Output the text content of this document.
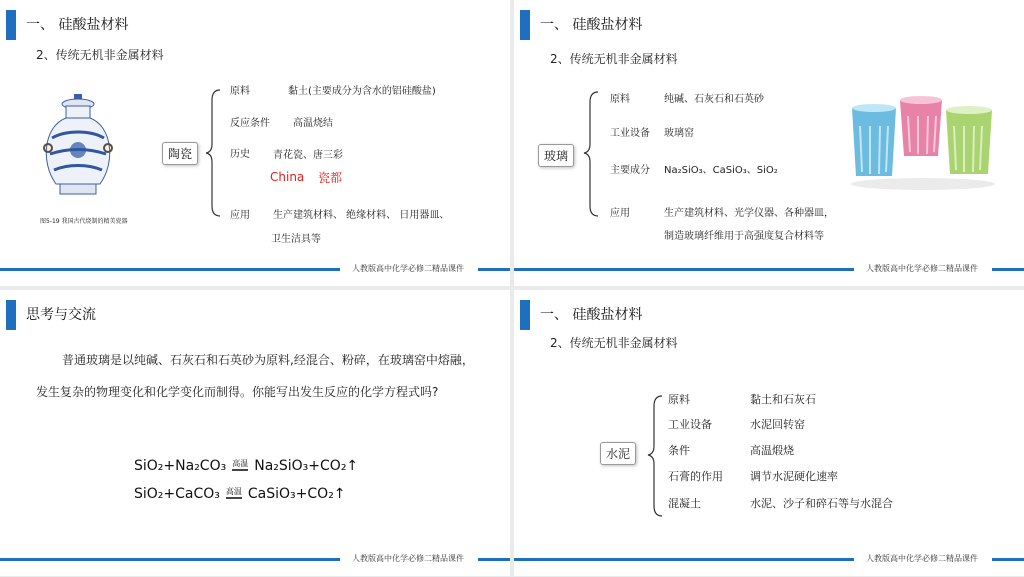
一、 硅酸盐材料
2、传统无机非金属材料
图5-19 我国古代烧制的精美瓷器
陶瓷
原料	黏土(主要成分为含水的铝硅酸盐)
反应条件 高温烧结
历史 青花瓷、唐三彩
China 瓷都
应用 生产建筑材料、 绝缘材料、 日用器皿、
卫生洁具等
人教版高中化学必修二精品课件
一、 硅酸盐材料
2、传统无机非金属材料
玻璃
原料	纯碱、石灰石和石英砂
工业设备 玻璃窑
主要成分 Na₂SiO₃、CaSiO₃、SiO₂
应用	生产建筑材料、光学仪器、各种器皿，
制造玻璃纤维用于高强度复合材料等
人教版高中化学必修二精品课件
思考与交流
普通玻璃是以纯碱、石灰石和石英砂为原料,经混合、粉碎，在玻璃窑中熔融，
发生复杂的物理变化和化学变化而制得。你能写出发生反应的化学方程式吗?
SiO₂+Na₂CO₃ 高温 Na₂SiO₃+CO₂↑
SiO₂+CaCO₃ 高温 CaSiO₃+CO₂↑
人教版高中化学必修二精品课件
一、 硅酸盐材料
2、传统无机非金属材料
水泥
原料	黏土和石灰石
工业设备	水泥回转窑
条件	高温煅烧
石膏的作用 调节水泥硬化速率
混凝土	水泥、沙子和碎石等与水混合
人教版高中化学必修二精品课件
